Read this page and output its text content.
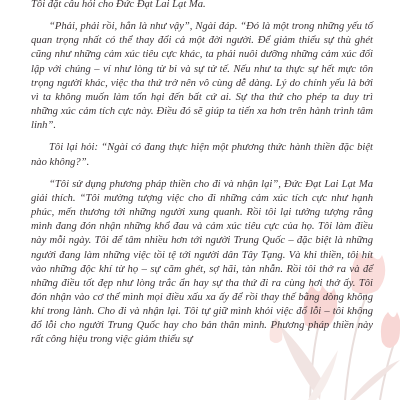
Tôi đặt câu hỏi cho Đức Đạt Lai Lạt Ma.

“Phải, phải rồi, hẳn là như vậy”, Ngài đáp. “Đó là một trong những yếu tố quan trọng nhất có thể thay đổi cả một đời người. Để giảm thiểu sự thù ghét cũng như những cảm xúc tiêu cực khác, ta phải nuôi dưỡng những cảm xúc đối lập với chúng – ví như lòng từ bi và sự tử tế. Nếu như ta thực sự hết mực tôn trọng người khác, việc tha thứ trở nên vô cùng dễ dàng. Lý do chính yếu là bởi vì ta không muốn làm tổn hại đến bất cứ ai. Sự tha thứ cho phép ta duy trì những xúc cảm tích cực này. Điều đó sẽ giúp ta tiến xa hơn trên hành trình tâm linh”.

Tôi lại hỏi: “Ngài có đang thực hiện một phương thức hành thiền đặc biệt nào không?”.

“Tôi sử dụng phương pháp thiền cho đi và nhận lại”, Đức Đạt Lai Lạt Ma giải thích. “Tôi mường tượng việc cho đi những cảm xúc tích cực như hạnh phúc, mến thương tới những người xung quanh. Rồi tôi lại tưởng tượng rằng mình đang đón nhận những khổ đau và cảm xúc tiêu cực của họ. Tôi làm điều này mỗi ngày. Tôi để tâm nhiều hơn tới người Trung Quốc – đặc biệt là những người đang làm những việc tồi tệ tới người dân Tây Tạng. Và khi thiền, tôi hít vào những độc khí từ họ – sự căm ghét, sợ hãi, tàn nhẫn. Rồi tôi thở ra và để những điều tốt đẹp như lòng trắc ẩn hay sự tha thứ đi ra cùng hơi thở ấy. Tôi đón nhận vào cơ thể mình mọi điều xấu xa ấy để rồi thay thế bằng dòng không khí trong lành. Cho đi và nhận lại. Tôi tự giữ mình khỏi việc đổ lỗi – tôi không đổ lỗi cho người Trung Quốc hay cho bản thân mình. Phương pháp thiền này rất công hiệu trong việc giảm thiểu sự
